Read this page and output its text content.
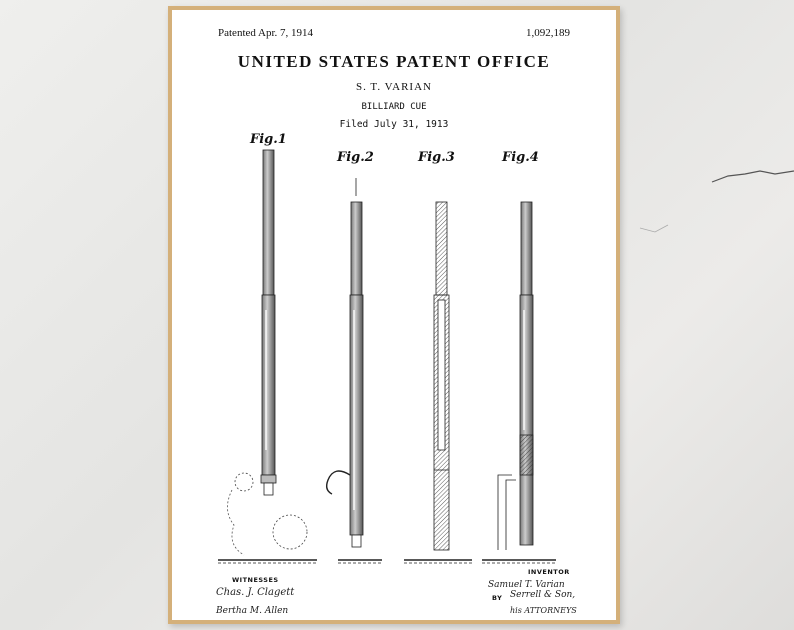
Patented Apr. 7, 1914	1,092,189
UNITED STATES PATENT OFFICE
S. T. VARIAN
BILLIARD CUE
Filed July 31, 1913
Fig.1
Fig.2	Fig.3	Fig.4
WITNESSES
Chas. J. Clagett
Bertha M. Allen
INVENTOR
Samuel T. Varian
BY Serrell & Son,
his ATTORNEYS
